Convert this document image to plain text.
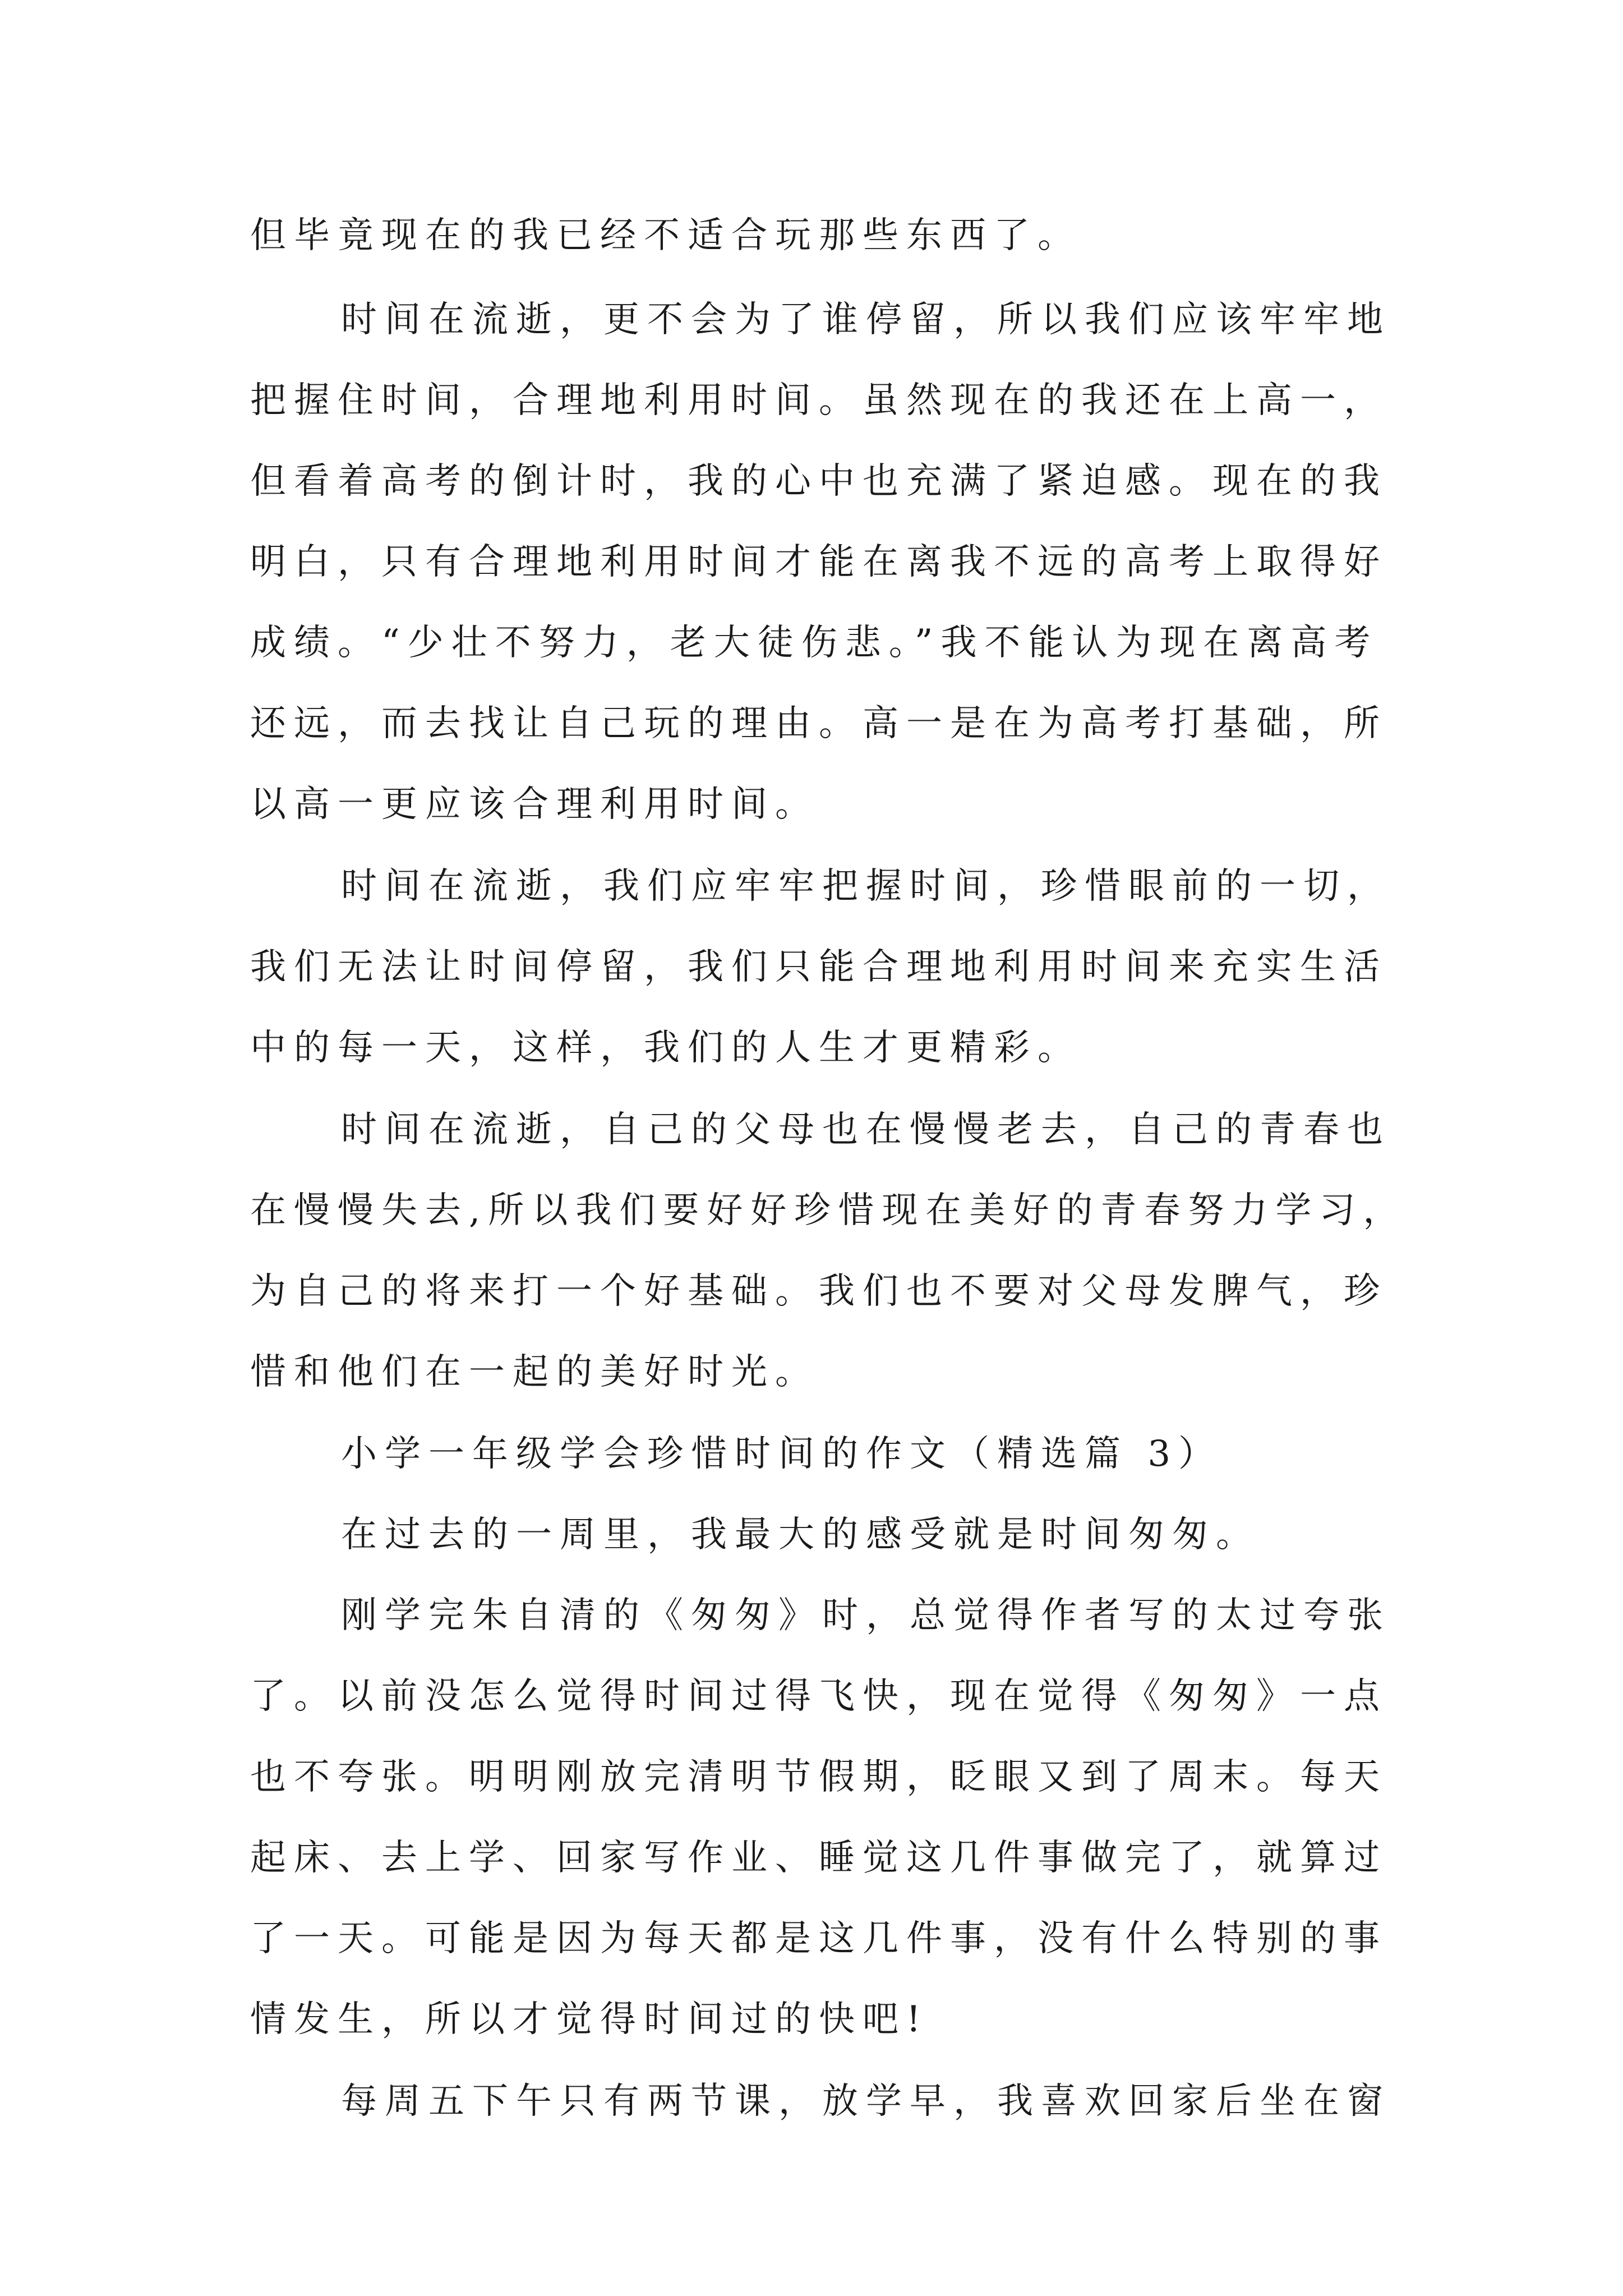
但毕竟现在的我已经不适合玩那些东西了。

时间在流逝，更不会为了谁停留，所以我们应该牢牢地

把握住时间，合理地利用时间。虽然现在的我还在上高一，

但看着高考的倒计时，我的心中也充满了紧迫感。现在的我

明白，只有合理地利用时间才能在离我不远的高考上取得好

成绩。“少壮不努力，老大徒伤悲。”我不能认为现在离高考

还远，而去找让自己玩的理由。高一是在为高考打基础，所

以高一更应该合理利用时间。

时间在流逝，我们应牢牢把握时间，珍惜眼前的一切，

我们无法让时间停留，我们只能合理地利用时间来充实生活

中的每一天，这样，我们的人生才更精彩。

时间在流逝，自己的父母也在慢慢老去，自己的青春也

在慢慢失去,所以我们要好好珍惜现在美好的青春努力学习，

为自己的将来打一个好基础。我们也不要对父母发脾气，珍

惜和他们在一起的美好时光。

小学一年级学会珍惜时间的作文（精选篇 3）

在过去的一周里，我最大的感受就是时间匆匆。

刚学完朱自清的《匆匆》时，总觉得作者写的太过夸张

了。以前没怎么觉得时间过得飞快，现在觉得《匆匆》一点

也不夸张。明明刚放完清明节假期，眨眼又到了周末。每天

起床、去上学、回家写作业、睡觉这几件事做完了，就算过

了一天。可能是因为每天都是这几件事，没有什么特别的事

情发生，所以才觉得时间过的快吧!

每周五下午只有两节课，放学早，我喜欢回家后坐在窗
